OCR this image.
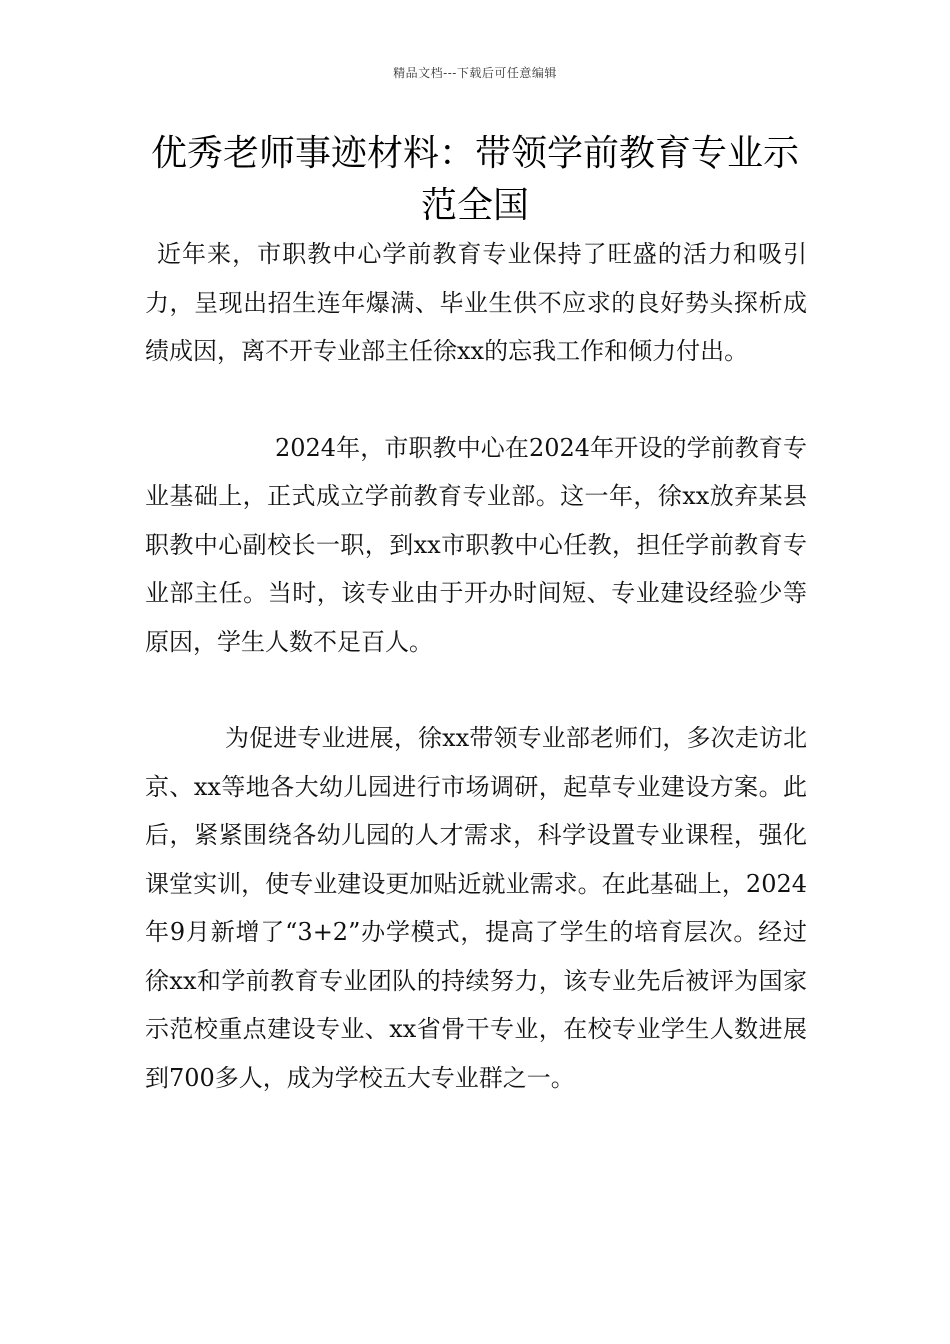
精品文档---下载后可任意编辑
优秀老师事迹材料：带领学前教育专业示范全国

近年来，市职教中心学前教育专业保持了旺盛的活力和吸引力，呈现出招生连年爆满、毕业生供不应求的良好势头探析成绩成因，离不开专业部主任徐xx的忘我工作和倾力付出。

2024年，市职教中心在2024年开设的学前教育专业基础上，正式成立学前教育专业部。这一年，徐xx放弃某县职教中心副校长一职，到xx市职教中心任教，担任学前教育专业部主任。当时，该专业由于开办时间短、专业建设经验少等原因，学生人数不足百人。

为促进专业进展，徐xx带领专业部老师们，多次走访北京、xx等地各大幼儿园进行市场调研，起草专业建设方案。此后，紧紧围绕各幼儿园的人才需求，科学设置专业课程，强化课堂实训，使专业建设更加贴近就业需求。在此基础上，2024年9月新增了“3+2”办学模式，提高了学生的培育层次。经过徐xx和学前教育专业团队的持续努力，该专业先后被评为国家示范校重点建设专业、xx省骨干专业，在校专业学生人数进展到700多人，成为学校五大专业群之一。
